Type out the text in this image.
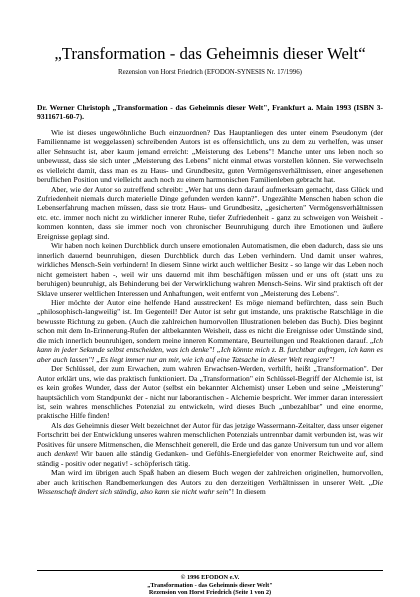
„Transformation - das Geheimnis dieser Welt“
Rezension von Horst Friedrich (EFODON-SYNESIS Nr. 17/1996)
Dr. Werner Christoph „Transformation - das Geheimnis dieser Welt", Frankfurt a. Main 1993 (ISBN 3-9311671-60-7).

Wie ist dieses ungewöhnliche Buch einzuordnen? Das Hauptanliegen des unter einem Pseudonym (der Familienname ist weggelassen) schreibenden Autors ist es offensichtlich, uns zu dem zu verhelfen, was unser aller Sehnsucht ist, aber kaum jemand erreicht: „Meisterung des Lebens"! Manche unter uns leben noch so unbewusst, dass sie sich unter „Meisterung des Lebens" nicht einmal etwas vorstellen können. Sie verwechseln es vielleicht damit, dass man es zu Haus- und Grundbesitz, guten Vermögensverhältnissen, einer angesehenen beruflichen Position und vielleicht auch noch zu einem harmonischen Familienleben gebracht hat.

Aber, wie der Autor so zutreffend schreibt: „Wer hat uns denn darauf aufmerksam gemacht, dass Glück und Zufriedenheit niemals durch materielle Dinge gefunden werden kann?". Ungezählte Menschen haben schon die Lebenserfahrung machen müssen, dass sie trotz Haus- und Grundbesitz, „gesicherten" Vermögensverhältnissen etc. etc. immer noch nicht zu wirklicher innerer Ruhe, tiefer Zufriedenheit - ganz zu schweigen von Weisheit - kommen konnten, dass sie immer noch von chronischer Beunruhigung durch ihre Emotionen und äußere Ereignisse geplagt sind.

Wir haben noch keinen Durchblick durch unsere emotionalen Automatismen, die eben dadurch, dass sie uns innerlich dauernd beunruhigen, diesen Durchblick durch das Leben verhindern. Und damit unser wahres, wirkliches Mensch-Sein verhindern! In diesem Sinne wirkt auch weltlicher Besitz - so lange wir das Leben noch nicht gemeistert haben -, weil wir uns dauernd mit ihm beschäftigen müssen und er uns oft (statt uns zu beruhigen) beunruhigt, als Behinderung bei der Verwirklichung wahren Mensch-Seins. Wir sind praktisch oft der Sklave unserer weltlichen Interessen und Anhaftungen, weit entfernt von „Meisterung des Lebens".

Hier möchte der Autor eine helfende Hand ausstrecken! Es möge niemand befürchten, dass sein Buch „philosophisch-langweilig" ist. Im Gegenteil! Der Autor ist sehr gut imstande, uns praktische Ratschläge in die bewusste Richtung zu geben. (Auch die zahlreichen humorvollen Illustrationen beleben das Buch). Dies beginnt schon mit dem In-Erinnerung-Rufen der altbekannten Weisheit, dass es nicht die Ereignisse oder Umstände sind, die mich innerlich beunruhigen, sondern meine inneren Kommentare, Beurteilungen und Reaktionen darauf. „Ich kann in jeder Sekunde selbst entscheiden, was ich denke"! „Ich könnte mich z. B. furchtbar aufregen, ich kann es aber auch lassen"! „Es liegt immer nur an mir, wie ich auf eine Tatsache in dieser Welt reagiere"!

Der Schlüssel, der zum Erwachen, zum wahren Erwachsen-Werden, verhilft, heißt „Transformation". Der Autor erklärt uns, wie das praktisch funktioniert. Da „Transformation" ein Schlüssel-Begriff der Alchemie ist, ist es kein großes Wunder, dass der Autor (selbst ein bekannter Alchemist) unser Leben und seine „Meisterung" hauptsächlich vom Standpunkt der - nicht nur laborantischen - Alchemie bespricht. Wer immer daran interessiert ist, sein wahres menschliches Potenzial zu entwickeln, wird dieses Buch „unbezahlbar" und eine enorme, praktische Hilfe finden!

Als das Geheimnis dieser Welt bezeichnet der Autor für das jetzige Wassermann-Zeitalter, dass unser eigener Fortschritt bei der Entwicklung unseres wahren menschlichen Potenzials untrennbar damit verbunden ist, was wir Positives für unsere Mitmenschen, die Menschheit generell, die Erde und das ganze Universum tun und vor allem auch denken! Wir bauen alle ständig Gedanken- und Gefühls-Energiefelder von enormer Reichweite auf, sind ständig - positiv oder negativ! - schöpferisch tätig.

Man wird im übrigen auch Spaß haben an diesem Buch wegen der zahlreichen originellen, humorvollen, aber auch kritischen Randbemerkungen des Autors zu den derzeitigen Verhältnissen in unserer Welt. „Die Wissenschaft ändert sich ständig, also kann sie nicht wahr sein"! In diesem

© 1996 EFODON e.V.
„Transformation - das Geheimnis dieser Welt"
Rezension von Horst Friedrich (Seite 1 von 2)
